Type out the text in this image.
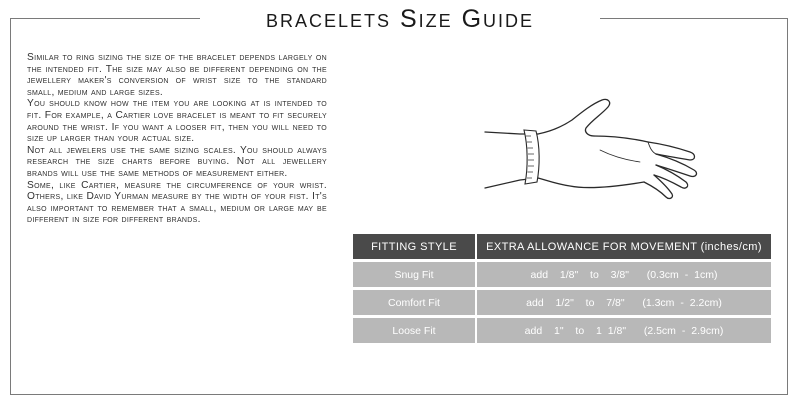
bracelets Size Guide

Similar to ring sizing the size of the bracelet depends largely on the intended fit. The size may also be different depending on the jewellery maker's conversion of wrist size to the standard small, medium and large sizes.

You should know how the item you are looking at is intended to fit. For example, a Cartier love bracelet is meant to fit securely around the wrist. If you want a looser fit, then you will need to size up larger than your actual size.

Not all jewelers use the same sizing scales. You should always research the size charts before buying. Not all jewellery brands will use the same methods of measurement either.

Some, like Cartier, measure the circumference of your wrist. Others, like David Yurman measure by the width of your fist. It's also important to remember that a small, medium or large may be different in size for different brands.

FITTING STYLE	EXTRA ALLOWANCE FOR MOVEMENT (inches/cm)
Snug Fit	add  1/8"  to  3/8"   (0.3cm - 1cm)
Comfort Fit	add  1/2"  to  7/8"   (1.3cm - 2.2cm)
Loose Fit	add  1"  to  1 1/8"   (2.5cm - 2.9cm)
